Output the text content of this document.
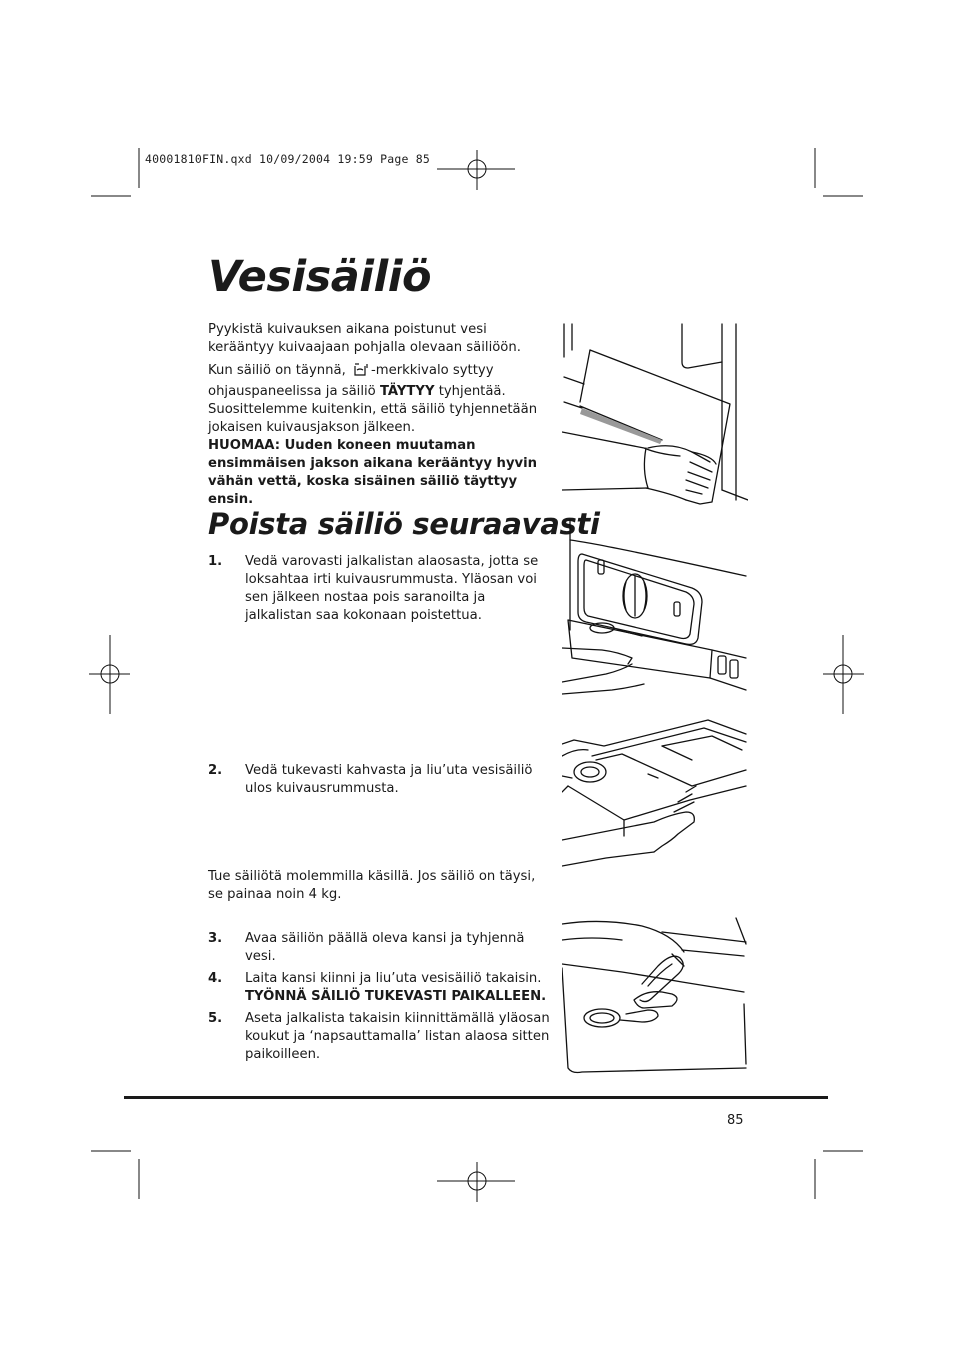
40001810FIN.qxd 10/09/2004 19:59 Page 85
Vesisäiliö

Pyykistä kuivauksen aikana poistunut vesi kerääntyy kuivaajaan pohjalla olevaan säiliöön.

Kun säiliö on täynnä, -merkkivalo syttyy ohjauspaneelissa ja säiliö TÄYTYY tyhjentää. Suosittelemme kuitenkin, että säiliö tyhjennetään jokaisen kuivausjakson jälkeen.

HUOMAA: Uuden koneen muutaman ensimmäisen jakson aikana kerääntyy hyvin vähän vettä, koska sisäinen säiliö täyttyy ensin.

Poista säiliö seuraavasti
1.	Vedä varovasti jalkalistan alaosasta, jotta se loksahtaa irti kuivausrummusta. Yläosan voi sen jälkeen nostaa pois saranoilta ja jalkalistan saa kokonaan poistettua.
2.	Vedä tukevasti kahvasta ja liu’uta vesisäiliö ulos kuivausrummusta.

Tue säiliötä molemmilla käsillä. Jos säiliö on täysi, se painaa noin 4 kg.

3.	Avaa säiliön päällä oleva kansi ja tyhjennä vesi.
4.	Laita kansi kiinni ja liu’uta vesisäiliö takaisin.
TYÖNNÄ SÄILIÖ TUKEVASTI PAIKALLEEN.
5.	Aseta jalkalista takaisin kiinnittämällä yläosan koukut ja ‘napsauttamalla’ listan alaosa sitten paikoilleen.
85
